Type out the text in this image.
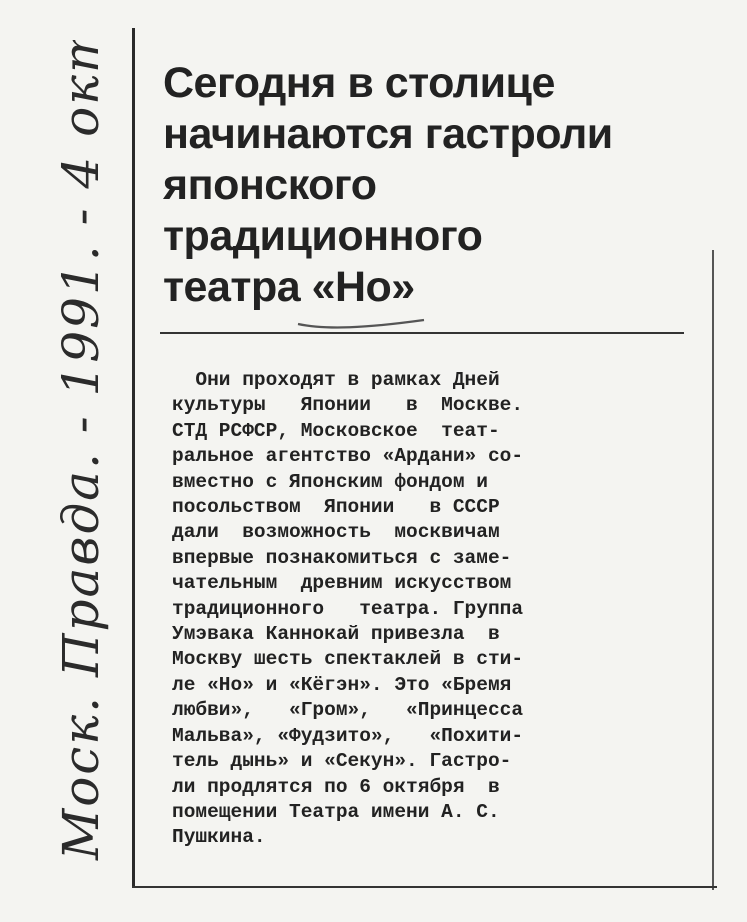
Моск. Правда. - 1991. - 4 окт. Сегодня в столице
начинаются гастроли
японского
традиционного
театра «Но»
Они проходят в рамках Дней
культуры   Японии   в  Москве.
СТД РСФСР, Московское  теат-
ральное агентство «Ардани» со-
вместно с Японским фондом и
посольством  Японии   в СССР
дали  возможность  москвичам
впервые познакомиться с заме-
чательным  древним искусством
традиционного   театра. Группа
Умэвака Каннокай привезла  в
Москву шесть спектаклей в сти-
ле «Но» и «Кёгэн». Это «Бремя
любви»,   «Гром»,   «Принцесса
Мальва», «Фудзито»,   «Похити-
тель дынь» и «Секун». Гастро-
ли продлятся по 6 октября  в
помещении Театра имени А. С.
Пушкина.
